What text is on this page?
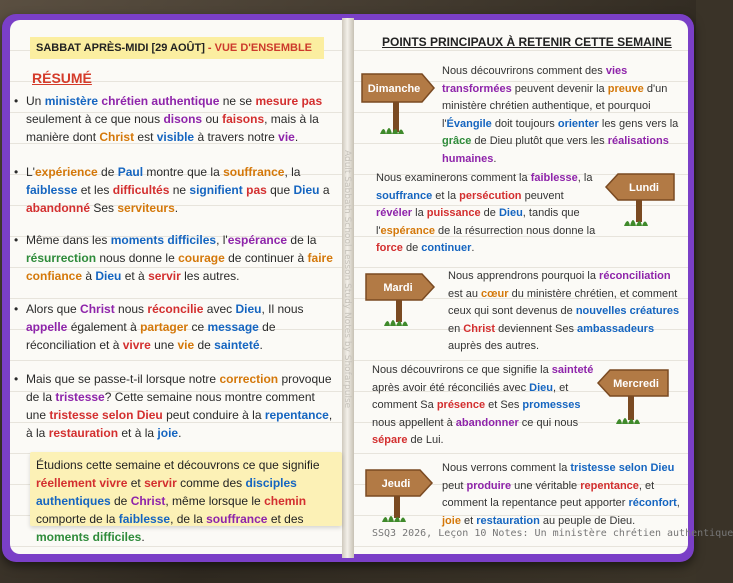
Adult Sabbath School Lesson Study Notes by Shofarpulse
SABBAT APRÈS-MIDI [29 AOÛT] - VUE D'ENSEMBLE
RÉSUMÉ
• Un ministère chrétien authentique ne se mesure pas seulement à ce que nous disons ou faisons, mais à la manière dont Christ est visible à travers notre vie.
• L'expérience de Paul montre que la souffrance, la faiblesse et les difficultés ne signifient pas que Dieu a abandonné Ses serviteurs.
• Même dans les moments difficiles, l'espérance de la résurrection nous donne le courage de continuer à faire confiance à Dieu et à servir les autres.
• Alors que Christ nous réconcilie avec Dieu, Il nous appelle également à partager ce message de réconciliation et à vivre une vie de sainteté.
• Mais que se passe-t-il lorsque notre correction provoque de la tristesse? Cette semaine nous montre comment une tristesse selon Dieu peut conduire à la repentance, à la restauration et à la joie.
Étudions cette semaine et découvrons ce que signifie réellement vivre et servir comme des disciples authentiques de Christ, même lorsque le chemin comporte de la faiblesse, de la souffrance et des moments difficiles.
POINTS PRINCIPAUX À RETENIR CETTE SEMAINE
Dimanche
Lundi
Mardi
Mercredi
Jeudi
Nous découvrirons comment des vies transformées peuvent devenir la preuve d'un ministère chrétien authentique, et pourquoi l'Évangile doit toujours orienter les gens vers la grâce de Dieu plutôt que vers les réalisations humaines.
Nous examinerons comment la faiblesse, la souffrance et la persécution peuvent révéler la puissance de Dieu, tandis que l'espérance de la résurrection nous donne la force de continuer.
Nous apprendrons pourquoi la réconciliation est au cœur du ministère chrétien, et comment ceux qui sont devenus de nouvelles créatures en Christ deviennent Ses ambassadeurs auprès des autres.
Nous découvrirons ce que signifie la sainteté après avoir été réconciliés avec Dieu, et comment Sa présence et Ses promesses nous appellent à abandonner ce qui nous sépare de Lui.
Nous verrons comment la tristesse selon Dieu peut produire une véritable repentance, et comment la repentance peut apporter réconfort, joie et restauration au peuple de Dieu.
SSQ3 2026, Leçon 10 Notes: Un ministère chrétien authentique
